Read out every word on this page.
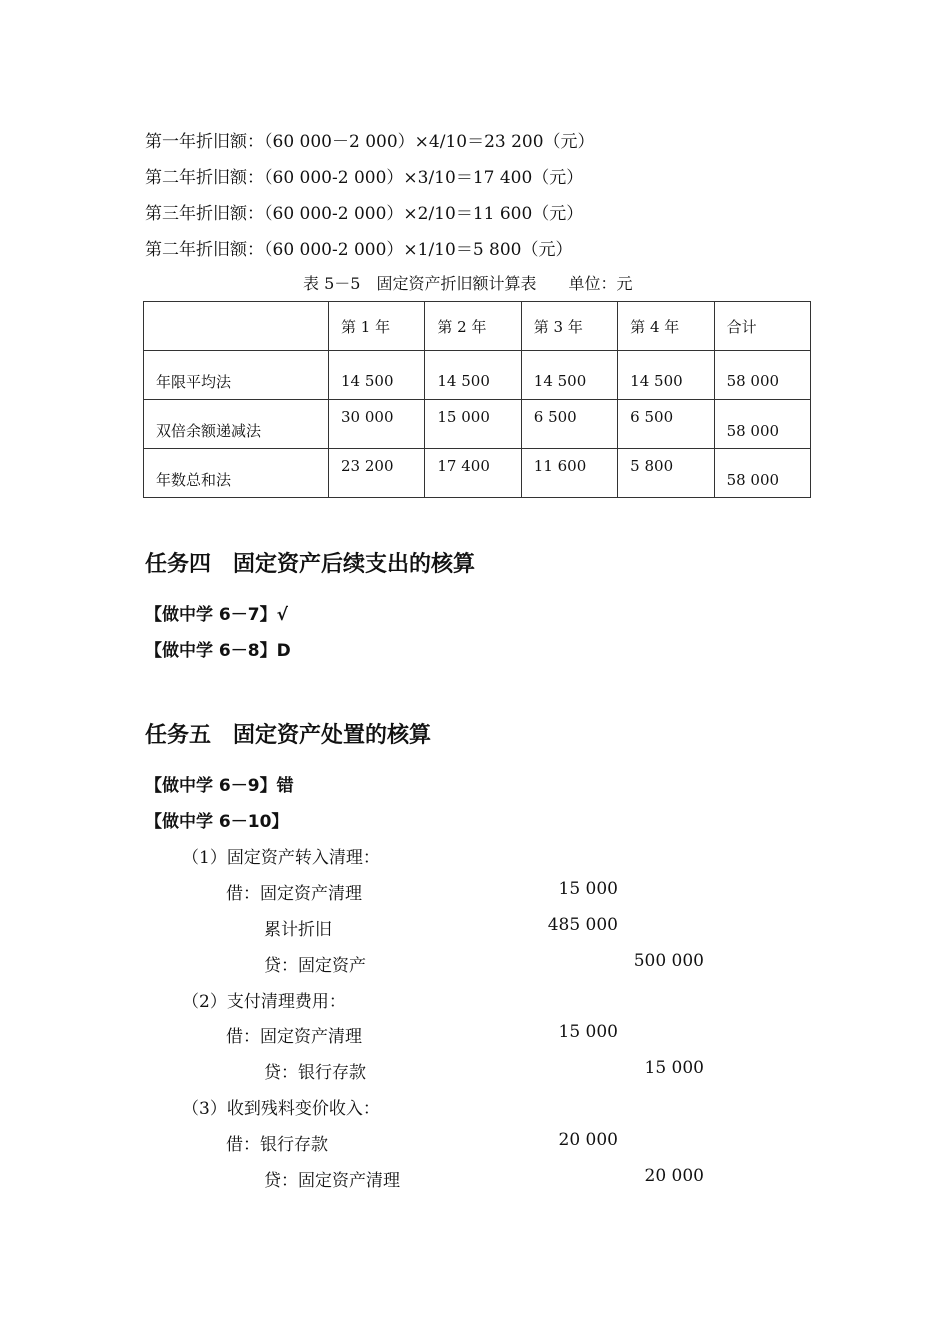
第一年折旧额：（60 000－2 000）×4/10＝23 200（元）
第二年折旧额：（60 000-2 000）×3/10＝17 400（元）
第三年折旧额：（60 000-2 000）×2/10＝11 600（元）
第二年折旧额：（60 000-2 000）×1/10＝5 800（元）
表 5－5　固定资产折旧额计算表　　单位：元
	第 1 年	第 2 年	第 3 年	第 4 年	合计

年限平均法	14 500	14 500	14 500	14 500	58 000

双倍余额递减法	30 000	15 000	6 500	6 500	58 000

年数总和法	23 200	17 400	11 600	5 800	58 000
任务四　固定资产后续支出的核算
【做中学 6－7】√
【做中学 6－8】D
任务五　固定资产处置的核算
【做中学 6－9】错
【做中学 6－10】
（1）固定资产转入清理：
借：固定资产清理	15 000
累计折旧	485 000
贷：固定资产	500 000
（2）支付清理费用：
借：固定资产清理	15 000
贷：银行存款	15 000
（3）收到残料变价收入：
借：银行存款	20 000
贷：固定资产清理	20 000
